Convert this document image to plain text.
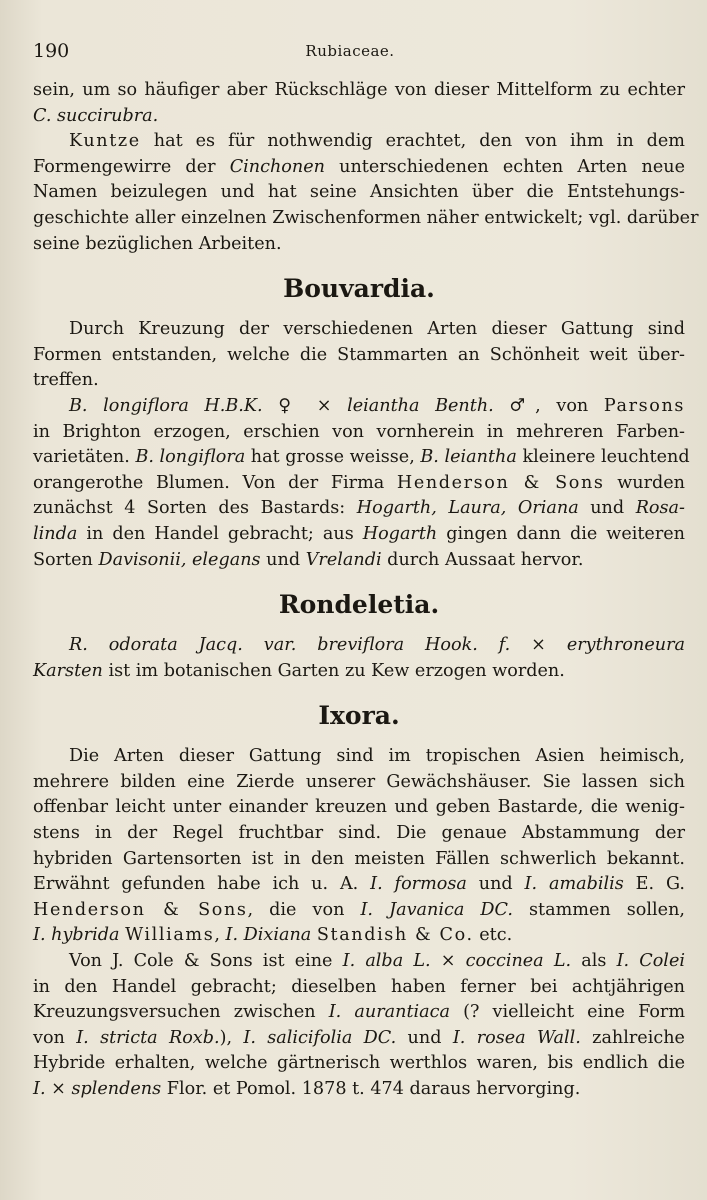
190	Rubiaceae.
sein, um so häufiger aber Rückschläge von dieser Mittelform zu echter
C. succirubra.
Kuntze hat es für nothwendig erachtet, den von ihm in dem
Formengewirre der Cinchonen unterschiedenen echten Arten neue
Namen beizulegen und hat seine Ansichten über die Entstehungs-
geschichte aller einzelnen Zwischenformen näher entwickelt; vgl. darüber
seine bezüglichen Arbeiten.
Bouvardia.
Durch Kreuzung der verschiedenen Arten dieser Gattung sind
Formen entstanden, welche die Stammarten an Schönheit weit über-
treffen.
B. longiflora H.B.K. ♀ × leiantha Benth. ♂, von Parsons
in Brighton erzogen, erschien von vornherein in mehreren Farben-
varietäten. B. longiflora hat grosse weisse, B. leiantha kleinere leuchtend
orangerothe Blumen. Von der Firma Henderson & Sons wurden
zunächst 4 Sorten des Bastards: Hogarth, Laura, Oriana und Rosa-
linda in den Handel gebracht; aus Hogarth gingen dann die weiteren
Sorten Davisonii, elegans und Vrelandi durch Aussaat hervor.
Rondeletia.
R. odorata Jacq. var. breviflora Hook. f. × erythroneura
Karsten ist im botanischen Garten zu Kew erzogen worden.
Ixora.
Die Arten dieser Gattung sind im tropischen Asien heimisch,
mehrere bilden eine Zierde unserer Gewächshäuser. Sie lassen sich
offenbar leicht unter einander kreuzen und geben Bastarde, die wenig-
stens in der Regel fruchtbar sind. Die genaue Abstammung der
hybriden Gartensorten ist in den meisten Fällen schwerlich bekannt.
Erwähnt gefunden habe ich u. A. I. formosa und I. amabilis E. G.
Henderson & Sons, die von I. Javanica DC. stammen sollen,
I. hybrida Williams, I. Dixiana Standish & Co. etc.
Von J. Cole & Sons ist eine I. alba L. × coccinea L. als I. Colei
in den Handel gebracht; dieselben haben ferner bei achtjährigen
Kreuzungsversuchen zwischen I. aurantiaca (? vielleicht eine Form
von I. stricta Roxb.), I. salicifolia DC. und I. rosea Wall. zahlreiche
Hybride erhalten, welche gärtnerisch werthlos waren, bis endlich die
I. × splendens Flor. et Pomol. 1878 t. 474 daraus hervorging.
